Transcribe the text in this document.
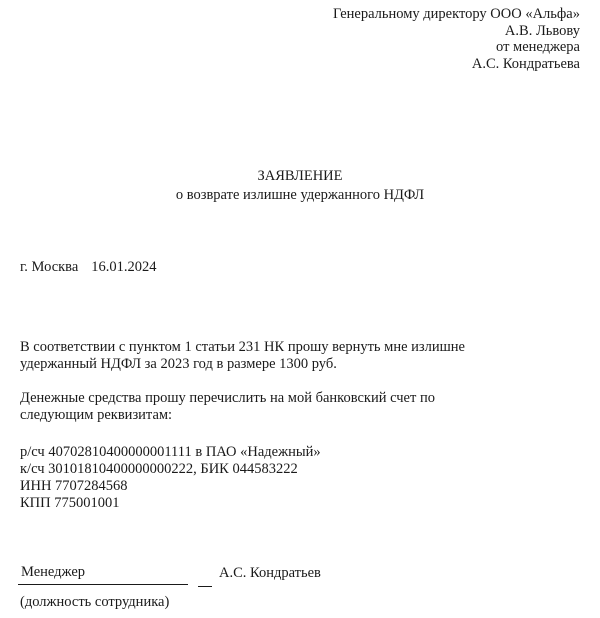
Генеральному директору ООО «Альфа»
А.В. Львову
от менеджера
А.С. Кондратьева
ЗАЯВЛЕНИЕ
о возврате излишне удержанного НДФЛ
г. Москва 16.01.2024
В соответствии с пунктом 1 статьи 231 НК прошу вернуть мне излишне
удержанный НДФЛ за 2023 год в размере 1300 руб.
Денежные средства прошу перечислить на мой банковский счет по
следующим реквизитам:
р/сч 40702810400000001111 в ПАО «Надежный»
к/сч 30101810400000000222, БИК 044583222
ИНН 7707284568
КПП 775001001
Менеджер	А.С. Кондратьев
(должность сотрудника)
